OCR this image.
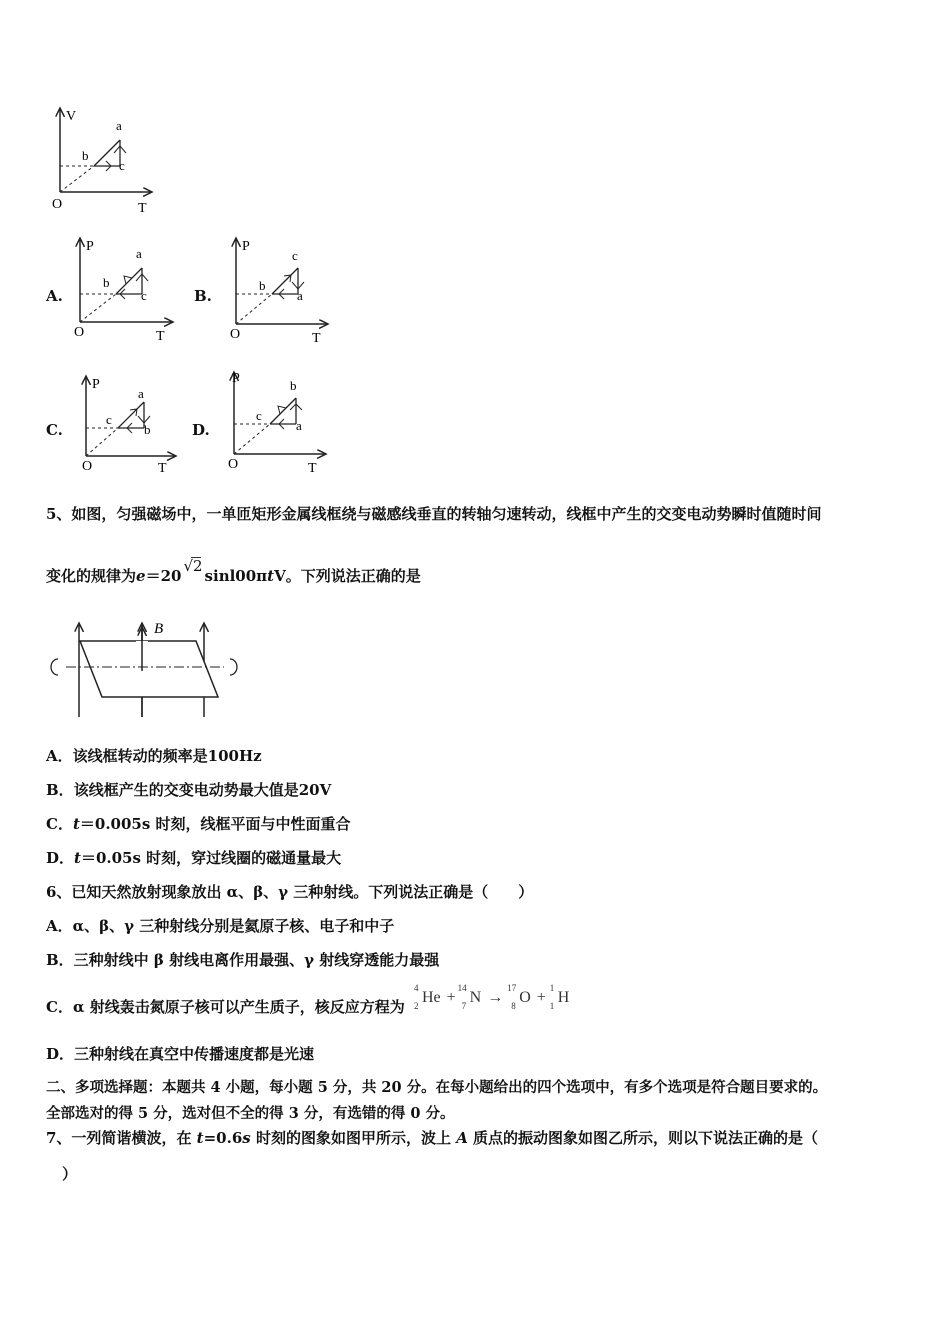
V
T
O
a
b
c
A.
P
T
O
a
b
c	B.
P
T
O
c
b
a
C.
P
T
O
a
c
b	D.
P
T
O
b
c
a
5、如图，匀强磁场中，一单匝矩形金属线框绕与磁感线垂直的转轴匀速转动，线框中产生的交变电动势瞬时值随时间
变化的规律为e＝20√
2sinl00πtV。下列说法正确的是
B
A．该线框转动的频率是100Hz
B．该线框产生的交变电动势最大值是20V
C．t＝0.005s 时刻，线框平面与中性面重合
D．t＝0.05s 时刻，穿过线圈的磁通量最大
6、已知天然放射现象放出 α、β、γ 三种射线。下列说法正确是（　　）
A．α、β、γ 三种射线分别是氦原子核、电子和中子
B．三种射线中 β 射线电离作用最强、γ 射线穿透能力最强
C．α 射线轰击氮原子核可以产生质子，核反应方程为
4
2 He +
14
7 N →
17
8 O +
1
1 H
D．三种射线在真空中传播速度都是光速
二、多项选择题：本题共 4 小题，每小题 5 分，共 20 分。在每小题给出的四个选项中，有多个选项是符合题目要求的。
全部选对的得 5 分，选对但不全的得 3 分，有选错的得 0 分。
7、一列简谐横波，在 t=0.6s 时刻的图象如图甲所示，波上 A 质点的振动图象如图乙所示，则以下说法正确的是（
）
